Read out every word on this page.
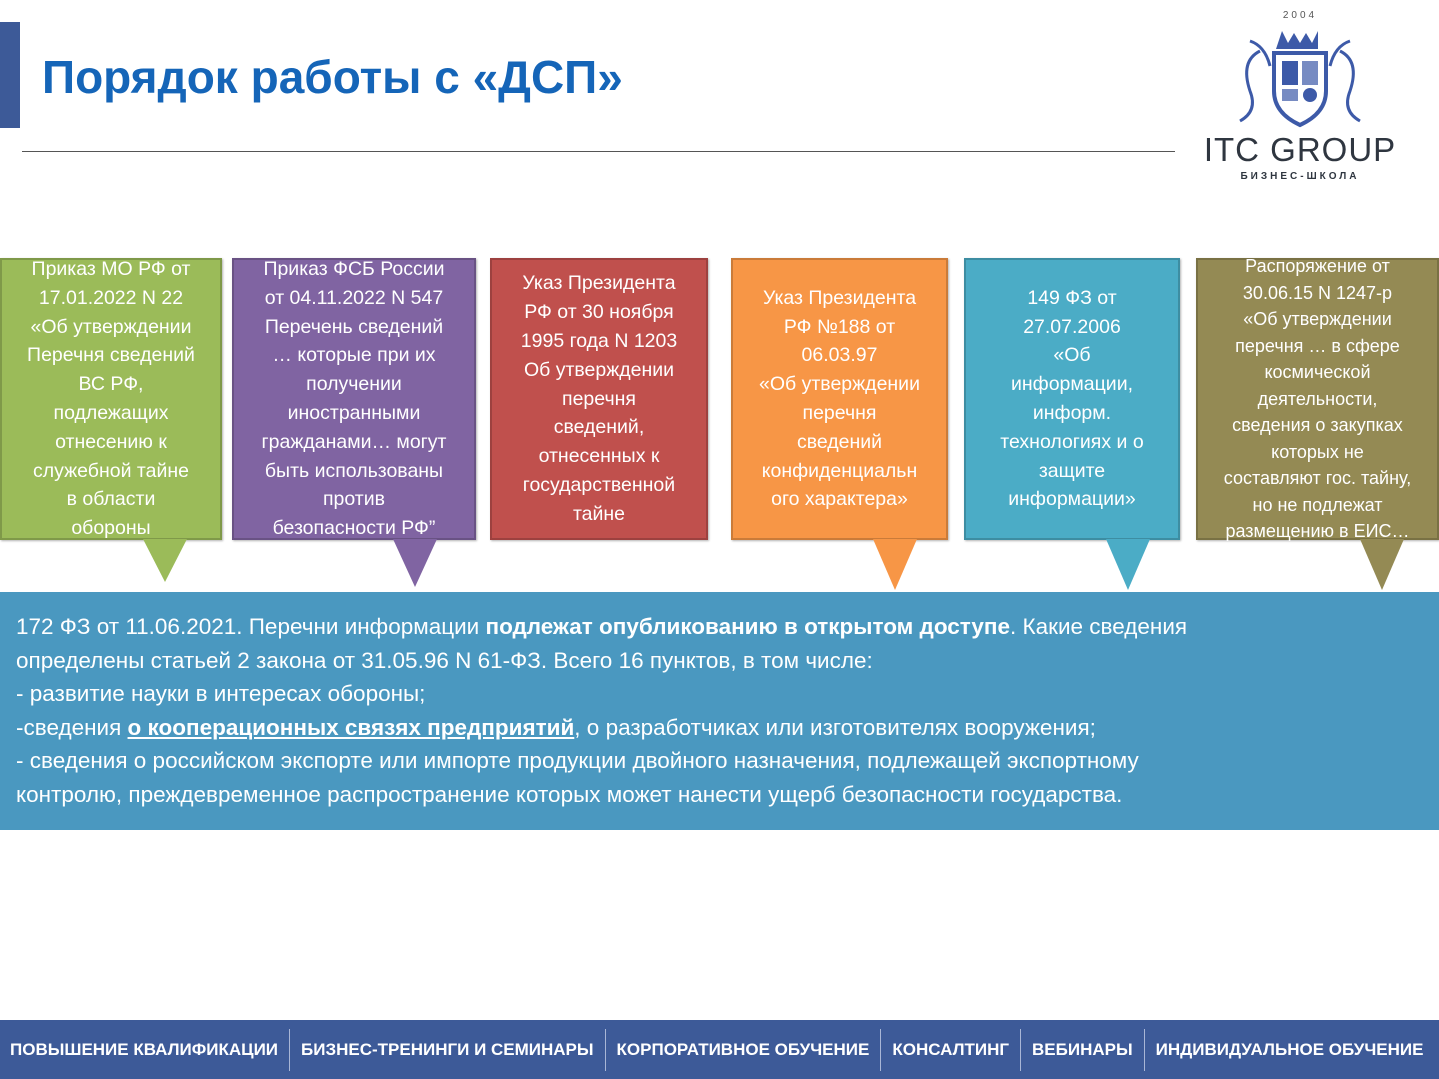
Порядок работы с «ДСП»
2004
ITC GROUP
БИЗНЕС-ШКОЛА
Приказ МО РФ от
17.01.2022 N 22
«Об утверждении
Перечня сведений
ВС РФ,
подлежащих
отнесению к
служебной тайне
в области
обороны
Приказ ФСБ России
от 04.11.2022 N 547
Перечень сведений
… которые при их
получении
иностранными
гражданами… могут
быть использованы
против
безопасности РФ”
Указ Президента
РФ от 30 ноября
1995 года N 1203
Об утверждении
перечня
сведений,
отнесенных к
государственной
тайне
Указ Президента
РФ №188 от
06.03.97
«Об утверждении
перечня
сведений
конфиденциальн
ого характера»
149 ФЗ от
27.07.2006
«Об
информации,
информ.
технологиях и о
защите
информации»
Распоряжение от
30.06.15 N 1247-р
«Об утверждении
перечня … в сфере
космической
деятельности,
сведения о закупках
которых не
составляют гос. тайну,
но не подлежат
размещению в ЕИС…
172 ФЗ от 11.06.2021. Перечни информации подлежат опубликованию в открытом доступе. Какие сведения
определены статьей 2 закона от 31.05.96 N 61-ФЗ. Всего 16 пунктов, в том числе:
- развитие науки в интересах обороны;
-сведения о кооперационных связях предприятий, о разработчиках или изготовителях вооружения;
- сведения о российском экспорте или импорте продукции двойного назначения, подлежащей экспортному
контролю, преждевременное распространение которых может нанести ущерб безопасности государства.
ПОВЫШЕНИЕ КВАЛИФИКАЦИИ	БИЗНЕС-ТРЕНИНГИ И СЕМИНАРЫ	КОРПОРАТИВНОЕ ОБУЧЕНИЕ	КОНСАЛТИНГ	ВЕБИНАРЫ	ИНДИВИДУАЛЬНОЕ ОБУЧЕНИЕ
